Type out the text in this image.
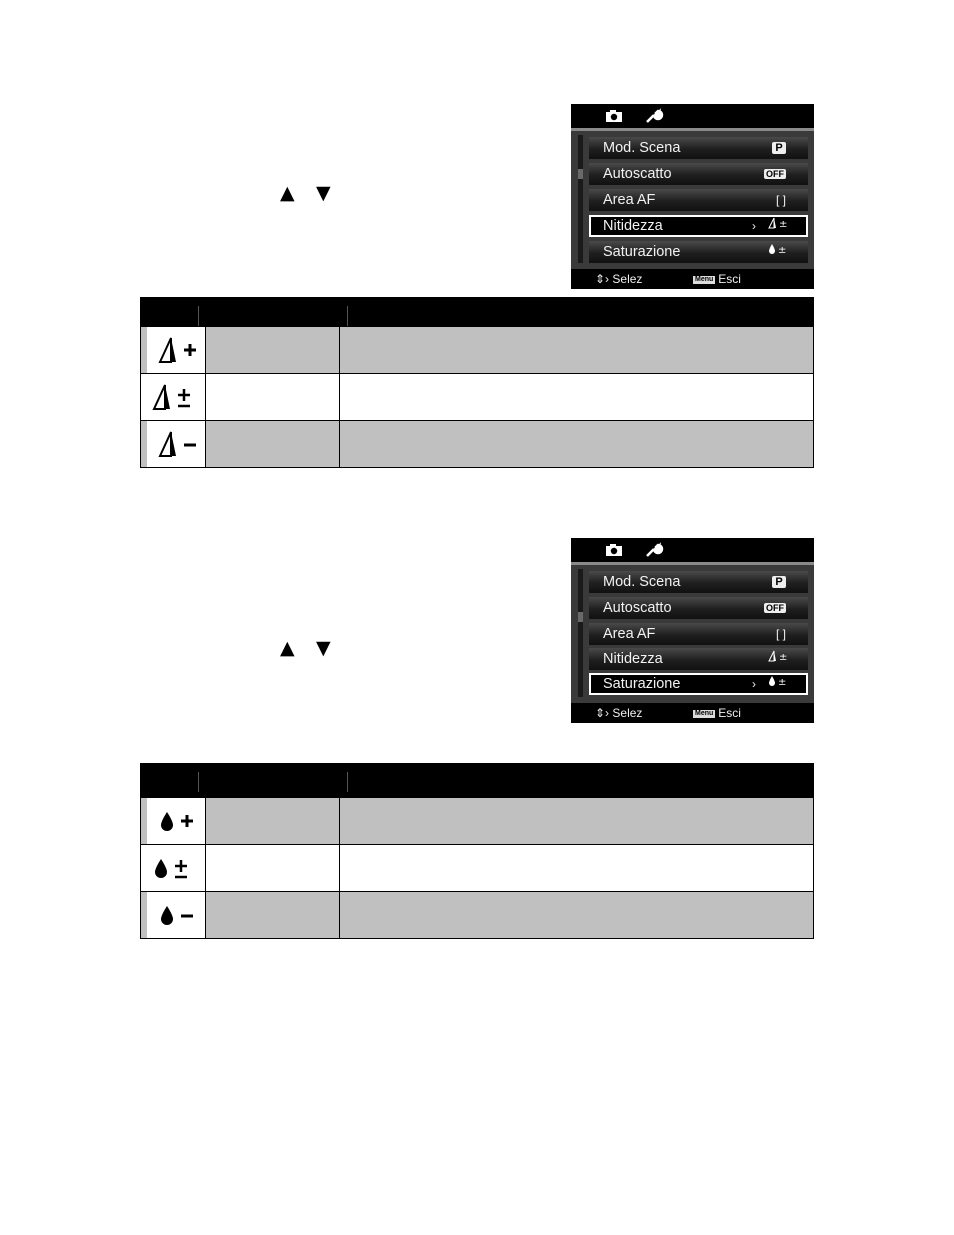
▲ ▼
Mod. Scena	P
Autoscatto	OFF
Area AF	[ ]
Nitidezza	› ±
Saturazione	±
⇕› Selez	Menu Esci
▲ ▼
Mod. Scena	P
Autoscatto	OFF
Area AF	[ ]
Nitidezza	±
Saturazione	› ±
⇕› Selez	Menu Esci
